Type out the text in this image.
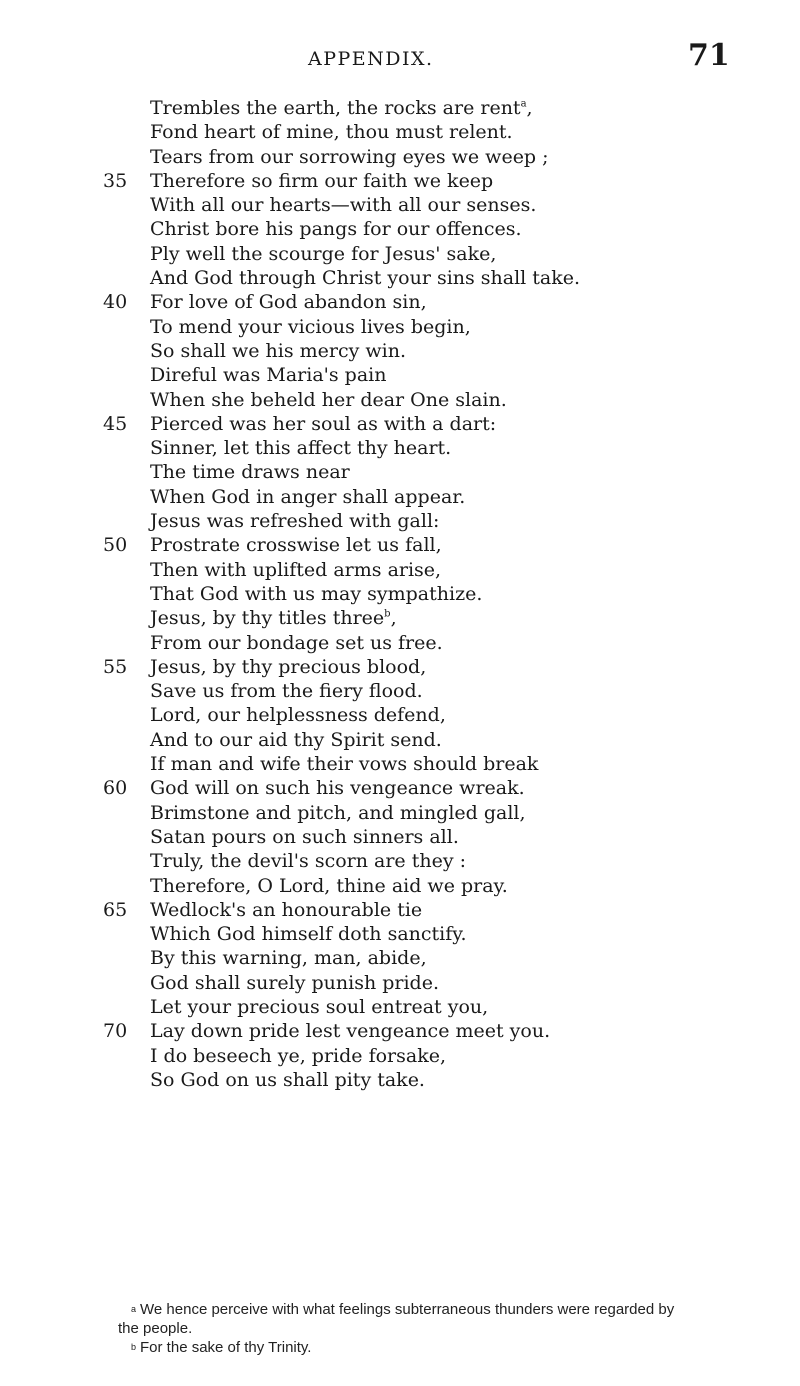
APPENDIX.	71
Trembles the earth, the rocks are rent$^a$,
Fond heart of mine, thou must relent.
Tears from our sorrowing eyes we weep ;
35	Therefore so firm our faith we keep
With all our hearts—with all our senses.
Christ bore his pangs for our offences.
Ply well the scourge for Jesus' sake,
And God through Christ your sins shall take.
40	For love of God abandon sin,
To mend your vicious lives begin,
So shall we his mercy win.
Direful was Maria's pain
When she beheld her dear One slain.
45	Pierced was her soul as with a dart:
Sinner, let this affect thy heart.
The time draws near
When God in anger shall appear.
Jesus was refreshed with gall:
50	Prostrate crosswise let us fall,
Then with uplifted arms arise,
That God with us may sympathize.
Jesus, by thy titles three$^b$,
From our bondage set us free.
55	Jesus, by thy precious blood,
Save us from the fiery flood.
Lord, our helplessness defend,
And to our aid thy Spirit send.
If man and wife their vows should break
60	God will on such his vengeance wreak.
Brimstone and pitch, and mingled gall,
Satan pours on such sinners all.
Truly, the devil's scorn are they :
Therefore, O Lord, thine aid we pray.
65	Wedlock's an honourable tie
Which God himself doth sanctify.
By this warning, man, abide,
God shall surely punish pride.
Let your precious soul entreat you,
70	Lay down pride lest vengeance meet you.
I do beseech ye, pride forsake,
So God on us shall pity take.
$^a$ We hence perceive with what feelings subterraneous thunders were regarded by
the people.
$^b$ For the sake of thy Trinity.
